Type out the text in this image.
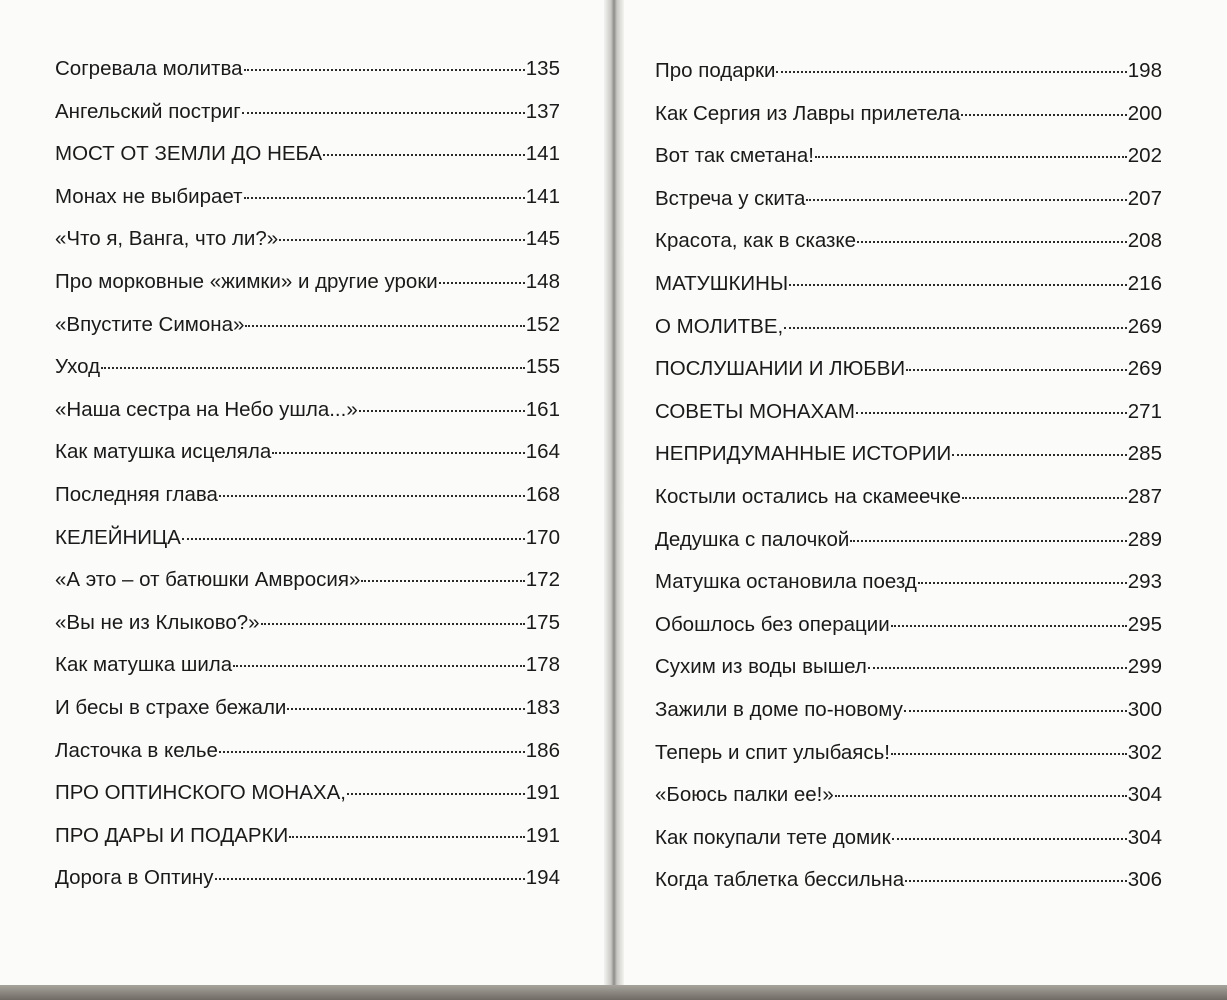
Согревала молитва	135
Ангельский постриг	137
МОСТ ОТ ЗЕМЛИ ДО НЕБА	141
Монах не выбирает	141
«Что я, Ванга, что ли?»	145
Про морковные «жимки» и другие уроки	148
«Впустите Симона»	152
Уход	155
«Наша сестра на Небо ушла...»	161
Как матушка исцеляла	164
Последняя глава	168
КЕЛЕЙНИЦА	170
«А это – от батюшки Амвросия»	172
«Вы не из Клыково?»	175
Как матушка шила	178
И бесы в страхе бежали	183
Ласточка в келье	186
ПРО ОПТИНСКОГО МОНАХА,	191
ПРО ДАРЫ И ПОДАРКИ	191
Дорога в Оптину	194
Про подарки	198
Как Сергия из Лавры прилетела	200
Вот так сметана!	202
Встреча у скита	207
Красота, как в сказке	208
МАТУШКИНЫ	216
О МОЛИТВЕ,	269
ПОСЛУШАНИИ И ЛЮБВИ	269
СОВЕТЫ МОНАХАМ	271
НЕПРИДУМАННЫЕ ИСТОРИИ	285
Костыли остались на скамеечке	287
Дедушка с палочкой	289
Матушка остановила поезд	293
Обошлось без операции	295
Сухим из воды вышел	299
Зажили в доме по-новому	300
Теперь и спит улыбаясь!	302
«Боюсь палки ее!»	304
Как покупали тете домик	304
Когда таблетка бессильна	306
